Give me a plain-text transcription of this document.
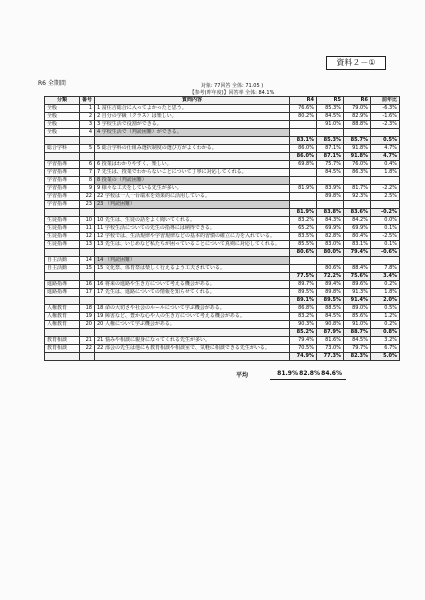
資料２－①
R6 全期間	対象: 77回答 全体: 71.05 )
【参考(昨年度)】回答率 全体: 84.1%
分類	番号	質問内容	R4	R5	R6	前年比
全般	1	1 富住吉総合に入ってよかったと思う。	76.6%	85.3%	79.0%	-6.3%
全般	2	2 自分の学級（クラス）は楽しい。	80.2%	84.5%	82.9%	-1.6%
全般	3	3 学校生活で役割ができる。		91.0%	88.8%	-2.3%
全般	4	4 学校生活で（判読困難）ができる。				
			83.1%	85.3%	85.7%	0.5%
総合学科	5	5 総合学科の仕組み選択制度の選び方がよくわかる。	86.0%	87.1%	91.8%	4.7%
			86.0%	87.1%	91.8%	4.7%
学習指導	6	6 授業はわかりやすく、楽しい。	69.8%	75.7%	76.0%	0.4%
学習指導	7	7 先生は、授業でわからないことについて丁寧に対応してくれる。		84.5%	86.3%	1.8%
学習指導	8	8 授業の（判読困難）				
学習指導	9	9 様々な工夫をしている先生が多い。	81.9%	83.9%	81.7%	-2.2%
学習指導	22	22 学校は一人一台端末を効果的に活用している。		89.8%	92.3%	2.5%
学習指導	23	23 （判読困難）				
			81.9%	83.8%	83.6%	-0.2%
生徒指導	10	10 先生は、生徒の話をよく聞いてくれる。	83.2%	84.3%	84.2%	0.0%
生徒指導	11	11 学校生活についての先生の指導には納得できる。	65.2%	69.9%	69.9%	0.1%
生徒指導	12	12 学校では、生活規律や学習規律などの基本的習慣の確立に力を入れている。	83.5%	82.8%	80.4%	-2.5%
生徒指導	13	13 先生は、いじめなど私たちが困っていることについて真剣に対応してくれる。	85.5%	83.0%	83.1%	0.1%
			80.6%	80.0%	79.4%	-0.6%
自主活動	14	14 （判読困難）				
自主活動	15	15 文化祭、体育祭は楽しく行えるよう工夫されている。		80.6%	88.4%	7.8%
			77.5%	72.2%	75.6%	3.4%
進路指導	16	16 将来の進路や生き方について考える機会がある。	89.7%	89.4%	89.6%	0.2%
進路指導	17	17 先生は、進路についての情報を知らせてくれる。	89.5%	89.8%	91.3%	1.8%
			89.1%	89.5%	91.4%	2.0%
人権教育	18	18 命の大切さや社会のルールについて学ぶ機会がある。	86.8%	88.5%	89.0%	0.5%
人権教育	19	19 障害など、豊かな心や人の生き方について考える機会がある。	83.2%	84.5%	85.6%	1.2%
人権教育	20	20 人権について学ぶ機会がある。	90.3%	90.8%	91.0%	0.2%
			85.2%	87.9%	88.7%	0.8%
教育相談	21	21 悩みや相談に親身になってくれる先生が多い。	79.4%	81.6%	84.5%	3.2%
教育相談	22	22 部会の先生は他にも教育相談や相談室で、気軽に相談できる先生がいる。	70.5%	73.0%	79.7%	6.7%
			74.9%	77.3%	82.3%	5.0%
平均	81.9% 82.8% 84.6%
